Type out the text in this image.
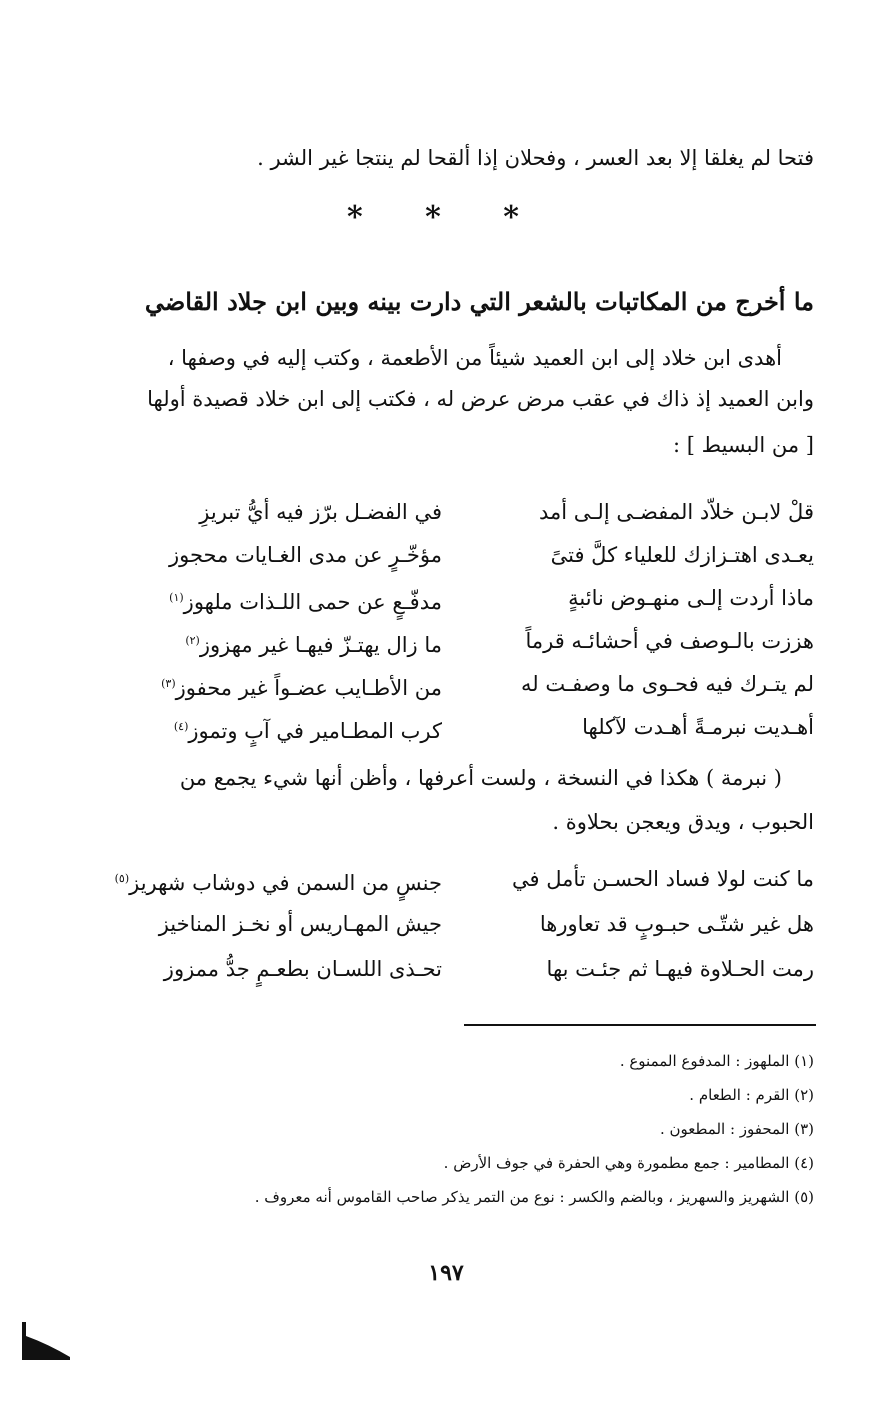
فتحا لم يغلقا إلا بعد العسر ، وفحلان إذا ألقحا لم ينتجا غير الشر .
* * *
ما أخرج من المكاتبات بالشعر التي دارت بينه وبين ابن جلاد القاضي
أهدى ابن خلاد إلى ابن العميد شيئاً من الأطعمة ، وكتب إليه في وصفها ،
وابن العميد إذ ذاك في عقب مرض عرض له ، فكتب إلى ابن خلاد قصيدة أولها
[ من البسيط ] :
قلْ لابـن خلاّد المفضـى إلـى أمد
في الفضـل برّز فيه أيُّ تبريزِ
يعـدى اهتـزازك للعلياء كلَّ فتىً
مؤخّـرٍ عن مدى الغـايات محجوز
ماذا أردت إلـى منهـوض نائبةٍ
مدفّـعٍ عن حمى اللـذات ملهوز$^{(١)}$
هززت بالـوصف في أحشائـه قرماً
ما زال يهتـزّ فيهـا غير مهزوز$^{(٢)}$
لم يتـرك فيه فحـوى ما وصفـت له
من الأطـايب عضـواً غير محفوز$^{(٣)}$
أهـديت نبرمـةً أهـدت لآكلها
كرب المطـامير في آبٍ وتموز$^{(٤)}$
( نبرمة ) هكذا في النسخة ، ولست أعرفها ، وأظن أنها شيء يجمع من
الحبوب ، ويدق ويعجن بحلاوة .
ما كنت لولا فساد الحسـن تأمل في
جنسٍ من السمن في دوشاب شهريز$^{(٥)}$
هل غير شتّـى حبـوبٍ قد تعاورها
جيش المهـاريس أو نخـز المناخيز
رمت الحـلاوة فيهـا ثم جئـت بها
تحـذى اللسـان بطعـمٍ جدُّ ممزوز
(١) الملهوز : المدفوع الممنوع .
(٢) القرم : الطعام .
(٣) المحفوز : المطعون .
(٤) المطامير : جمع مطمورة وهي الحفرة في جوف الأرض .
(٥) الشهريز والسهريز ، وبالضم والكسر : نوع من التمر يذكر صاحب القاموس أنه معروف .
١٩٧
